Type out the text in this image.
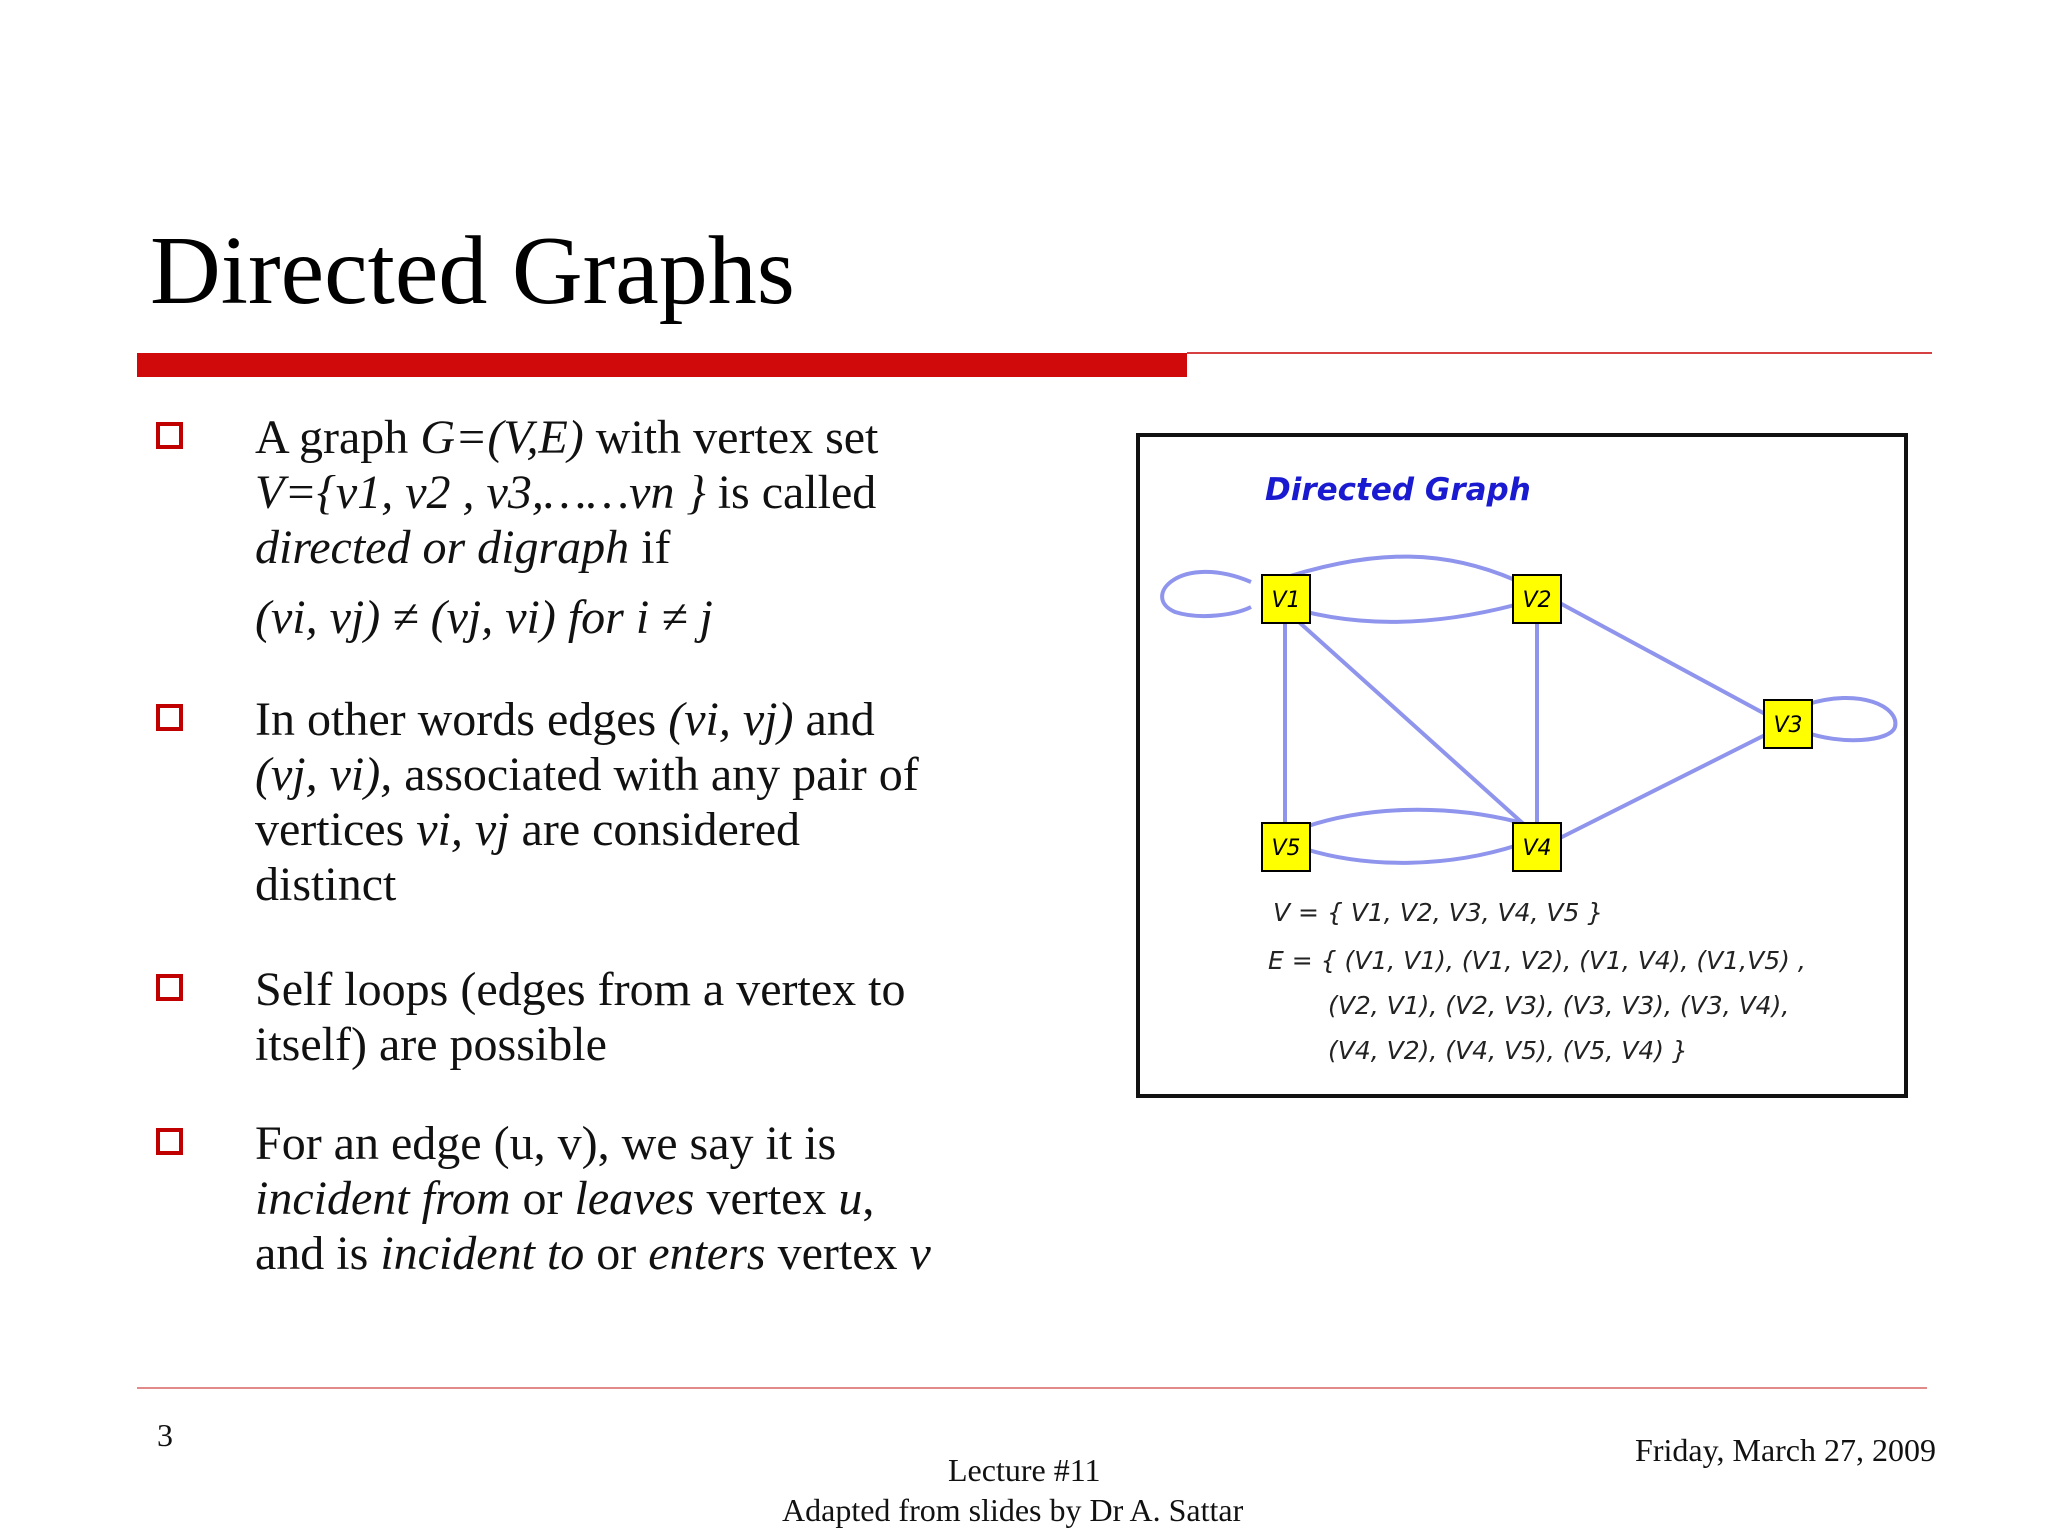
Directed Graphs
A graph G=(V,E) with vertex set
V={v1, v2 , v3,……vn } is called
directed or digraph if
(vi, vj) ≠ (vj, vi) for i ≠ j
In other words edges (vi, vj) and
(vj, vi), associated with any pair of
vertices vi, vj are considered
distinct
Self loops (edges from a vertex to
itself) are possible
For an edge (u, v), we say it is
incident from or leaves vertex u,
and is incident to or enters vertex v
Directed Graph
V1	V2
V3
V4
V5
V = { V1, V2, V3, V4, V5 }
E = { (V1, V1), (V1, V2), (V1, V4), (V1,V5) ,
(V2, V1), (V2, V3), (V3, V3), (V3, V4),
(V4, V2), (V4, V5), (V5, V4) }
3
Lecture #11
Adapted from slides by Dr A. Sattar
Friday, March 27, 2009
